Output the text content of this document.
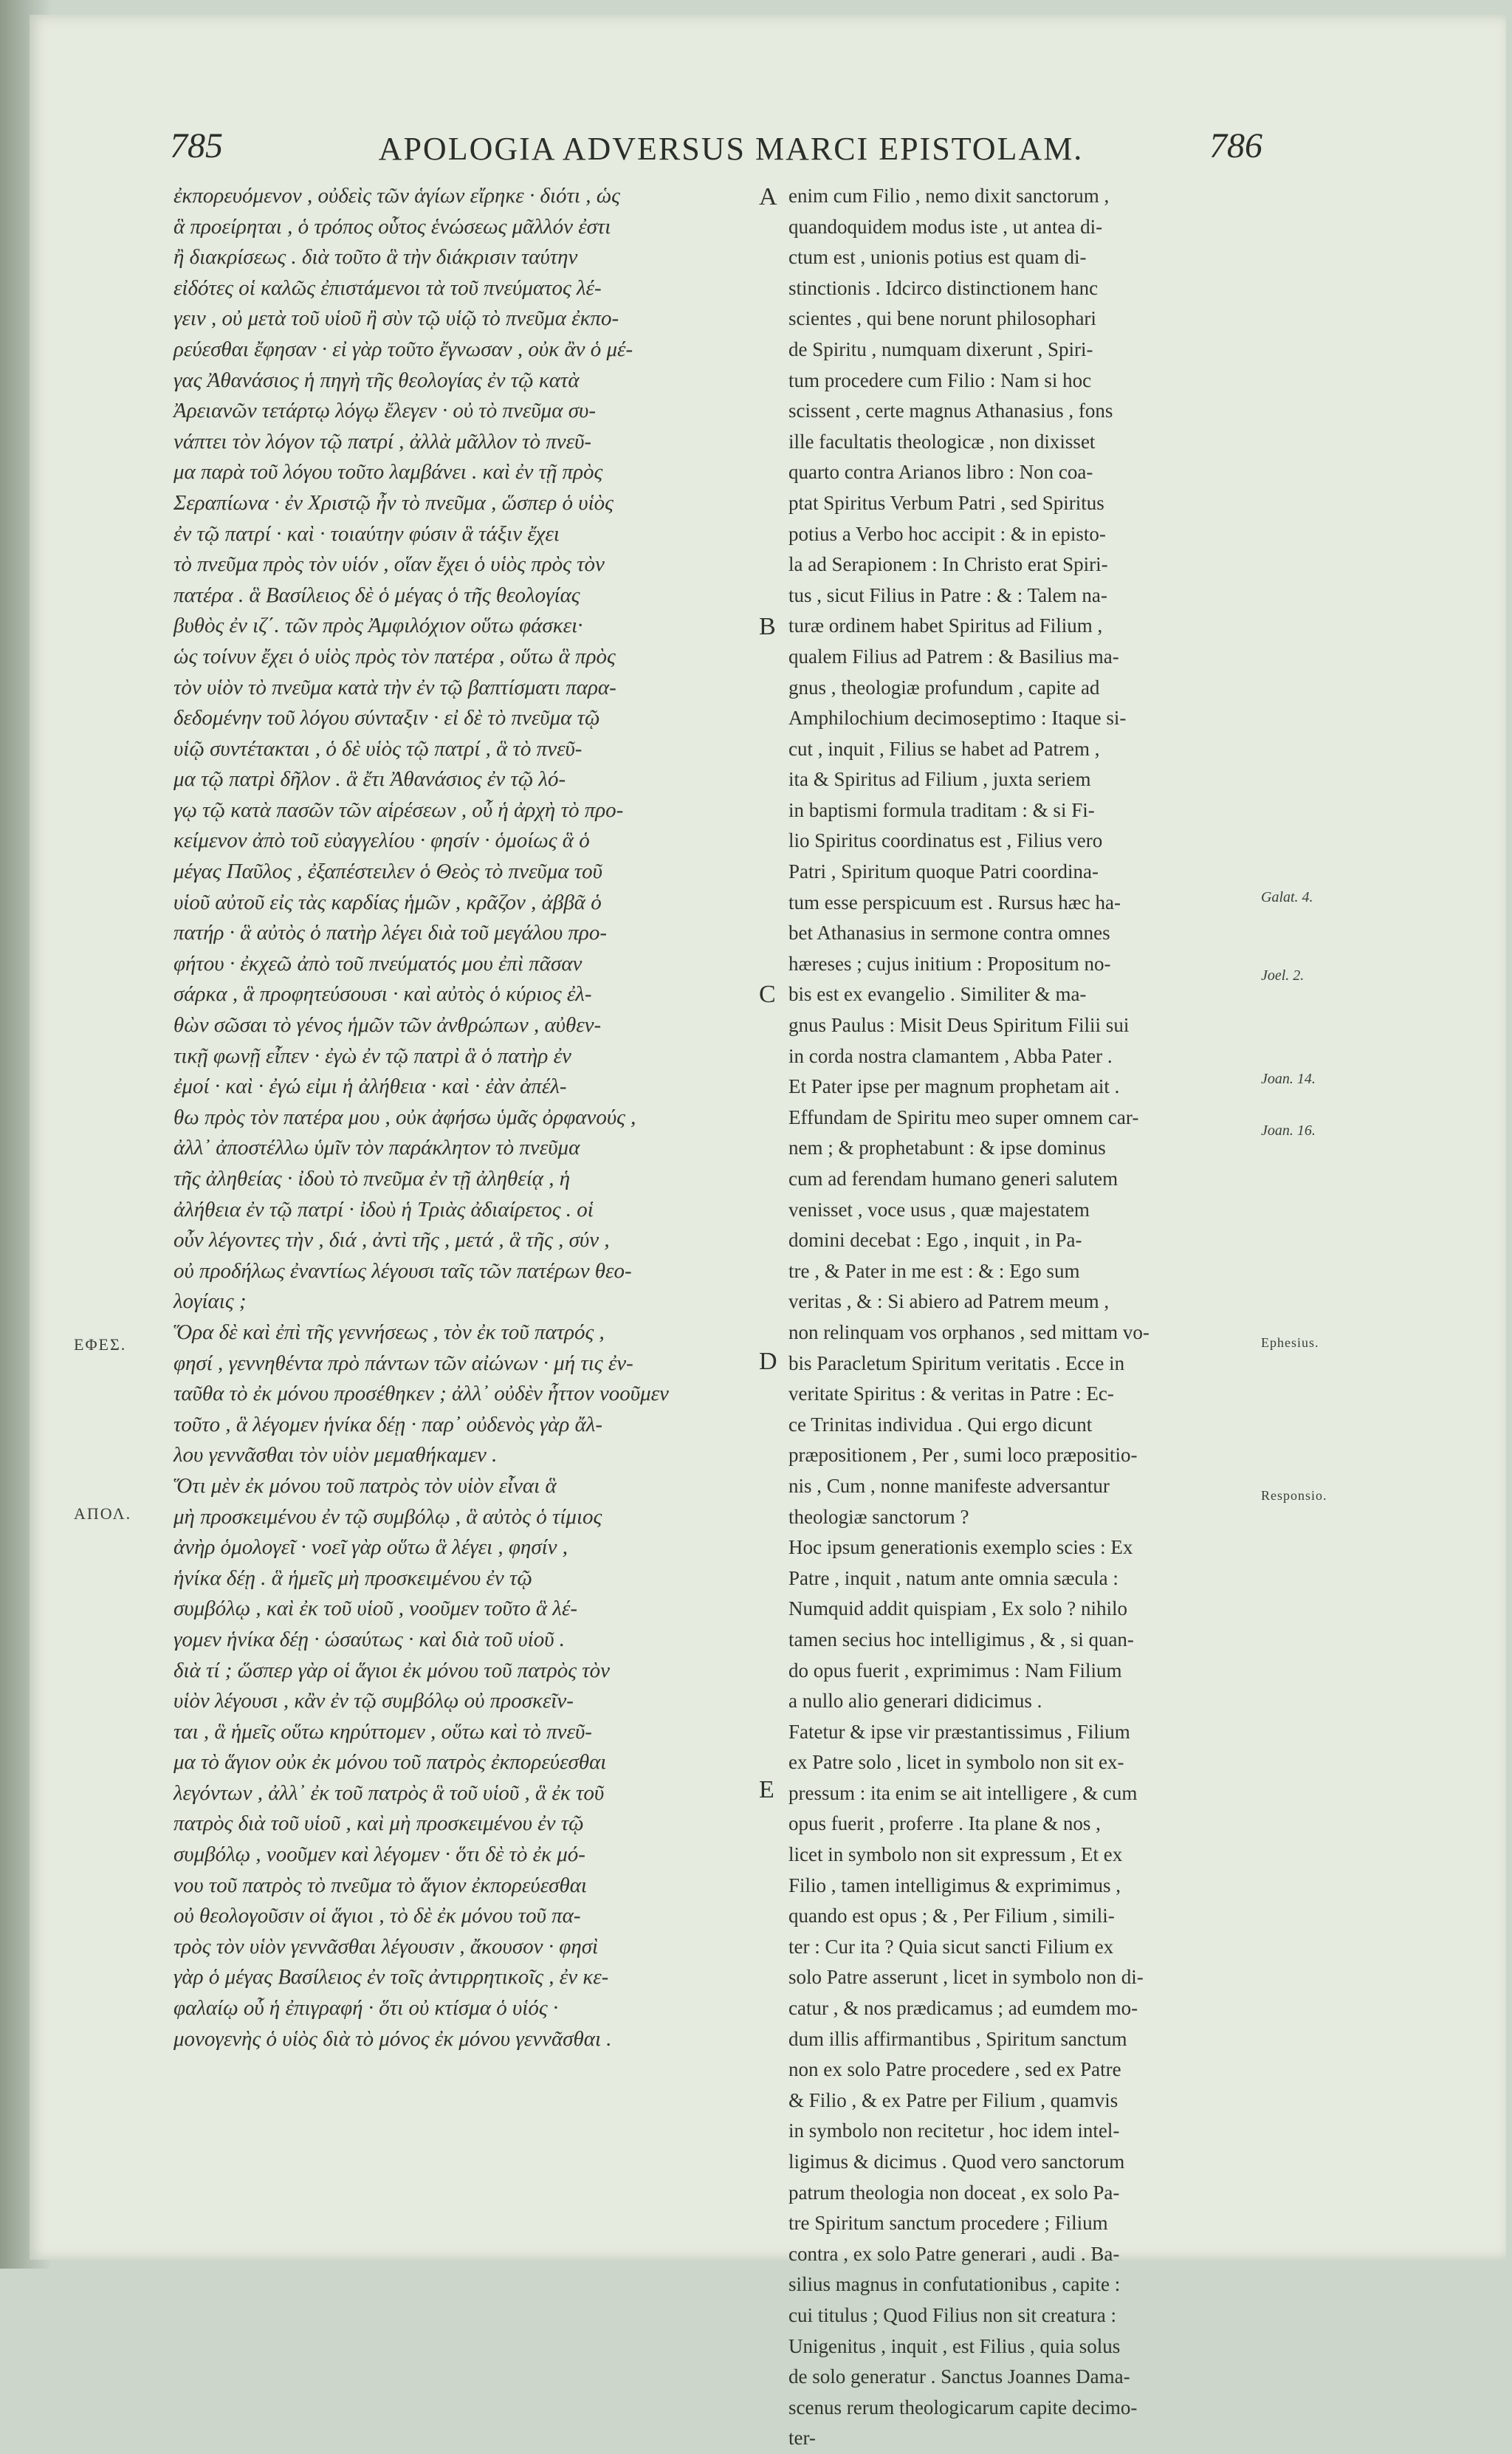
785	APOLOGIA ADVERSUS MARCI EPISTOLAM.	786
ἐκπορευόμενον , οὐδεὶς τῶν ἁγίων εἴρηκε · διότι , ὡς
ἃ προείρηται , ὁ τρόπος οὗτος ἑνώσεως μᾶλλόν ἐστι
ἢ διακρίσεως . διὰ τοῦτο ἃ τὴν διάκρισιν ταύτην
εἰδότες οἱ καλῶς ἐπιστάμενοι τὰ τοῦ πνεύματος λέ-
γειν , οὐ μετὰ τοῦ υἱοῦ ἢ σὺν τῷ υἱῷ τὸ πνεῦμα ἐκπο-
ρεύεσθαι ἔφησαν · εἰ γὰρ τοῦτο ἔγνωσαν , οὐκ ἂν ὁ μέ-
γας Ἀθανάσιος ἡ πηγὴ τῆς θεολογίας ἐν τῷ κατὰ
Ἀρειανῶν τετάρτῳ λόγῳ ἔλεγεν · οὐ τὸ πνεῦμα συ-
νάπτει τὸν λόγον τῷ πατρί , ἀλλὰ μᾶλλον τὸ πνεῦ-
μα παρὰ τοῦ λόγου τοῦτο λαμβάνει . καὶ ἐν τῇ πρὸς
Σεραπίωνα · ἐν Χριστῷ ἦν τὸ πνεῦμα , ὥσπερ ὁ υἱὸς
ἐν τῷ πατρί · καὶ · τοιαύτην φύσιν ἃ τάξιν ἔχει
τὸ πνεῦμα πρὸς τὸν υἱόν , οἵαν ἔχει ὁ υἱὸς πρὸς τὸν
πατέρα . ἃ Βασίλειος δὲ ὁ μέγας ὁ τῆς θεολογίας
βυθὸς ἐν ιζ΄. τῶν πρὸς Ἀμφιλόχιον οὕτω φάσκει·
ὡς τοίνυν ἔχει ὁ υἱὸς πρὸς τὸν πατέρα , οὕτω ἃ πρὸς
τὸν υἱὸν τὸ πνεῦμα κατὰ τὴν ἐν τῷ βαπτίσματι παρα-
δεδομένην τοῦ λόγου σύνταξιν · εἰ δὲ τὸ πνεῦμα τῷ
υἱῷ συντέτακται , ὁ δὲ υἱὸς τῷ πατρί , ἃ τὸ πνεῦ-
μα τῷ πατρὶ δῆλον . ἃ ἔτι Ἀθανάσιος ἐν τῷ λό-
γῳ τῷ κατὰ πασῶν τῶν αἱρέσεων , οὗ ἡ ἀρχὴ τὸ προ-
κείμενον ἀπὸ τοῦ εὐαγγελίου · φησίν · ὁμοίως ἃ ὁ
μέγας Παῦλος , ἐξαπέστειλεν ὁ Θεὸς τὸ πνεῦμα τοῦ
υἱοῦ αὐτοῦ εἰς τὰς καρδίας ἡμῶν , κρᾶζον , ἀββᾶ ὁ
πατήρ · ἃ αὐτὸς ὁ πατὴρ λέγει διὰ τοῦ μεγάλου προ-
φήτου · ἐκχεῶ ἀπὸ τοῦ πνεύματός μου ἐπὶ πᾶσαν
σάρκα , ἃ προφητεύσουσι · καὶ αὐτὸς ὁ κύριος ἐλ-
θὼν σῶσαι τὸ γένος ἡμῶν τῶν ἀνθρώπων , αὐθεν-
τικῇ φωνῇ εἶπεν · ἐγὼ ἐν τῷ πατρὶ ἃ ὁ πατὴρ ἐν
ἐμοί · καὶ · ἐγώ εἰμι ἡ ἀλήθεια · καὶ · ἐὰν ἀπέλ-
θω πρὸς τὸν πατέρα μου , οὐκ ἀφήσω ὑμᾶς ὀρφανούς ,
ἀλλ᾿ ἀποστέλλω ὑμῖν τὸν παράκλητον τὸ πνεῦμα
τῆς ἀληθείας · ἰδοὺ τὸ πνεῦμα ἐν τῇ ἀληθείᾳ , ἡ
ἀλήθεια ἐν τῷ πατρί · ἰδοὺ ἡ Τριὰς ἀδιαίρετος . οἱ
οὖν λέγοντες τὴν , διά , ἀντὶ τῆς , μετά , ἃ τῆς , σύν ,
οὐ προδήλως ἐναντίως λέγουσι ταῖς τῶν πατέρων θεο-
λογίαις ;
Ὅρα δὲ καὶ ἐπὶ τῆς γεννήσεως , τὸν ἐκ τοῦ πατρός ,
φησί , γεννηθέντα πρὸ πάντων τῶν αἰώνων · μή τις ἐν-
ταῦθα τὸ ἐκ μόνου προσέθηκεν ; ἀλλ᾿ οὐδὲν ἧττον νοοῦμεν
τοῦτο , ἃ λέγομεν ἡνίκα δέῃ · παρ᾿ οὐδενὸς γὰρ ἄλ-
λου γεννᾶσθαι τὸν υἱὸν μεμαθήκαμεν .
Ὅτι μὲν ἐκ μόνου τοῦ πατρὸς τὸν υἱὸν εἶναι ἃ
μὴ προσκειμένου ἐν τῷ συμβόλῳ , ἃ αὐτὸς ὁ τίμιος
ἀνὴρ ὁμολογεῖ · νοεῖ γὰρ οὕτω ἃ λέγει , φησίν ,
ἡνίκα δέῃ . ἃ ἡμεῖς μὴ προσκειμένου ἐν τῷ
συμβόλῳ , καὶ ἐκ τοῦ υἱοῦ , νοοῦμεν τοῦτο ἃ λέ-
γομεν ἡνίκα δέῃ · ὡσαύτως · καὶ διὰ τοῦ υἱοῦ .
διὰ τί ; ὥσπερ γὰρ οἱ ἅγιοι ἐκ μόνου τοῦ πατρὸς τὸν
υἱὸν λέγουσι , κἂν ἐν τῷ συμβόλῳ οὐ προσκεῖν-
ται , ἃ ἡμεῖς οὕτω κηρύττομεν , οὕτω καὶ τὸ πνεῦ-
μα τὸ ἅγιον οὐκ ἐκ μόνου τοῦ πατρὸς ἐκπορεύεσθαι
λεγόντων , ἀλλ᾿ ἐκ τοῦ πατρὸς ἃ τοῦ υἱοῦ , ἃ ἐκ τοῦ
πατρὸς διὰ τοῦ υἱοῦ , καὶ μὴ προσκειμένου ἐν τῷ
συμβόλῳ , νοοῦμεν καὶ λέγομεν · ὅτι δὲ τὸ ἐκ μό-
νου τοῦ πατρὸς τὸ πνεῦμα τὸ ἅγιον ἐκπορεύεσθαι
οὐ θεολογοῦσιν οἱ ἅγιοι , τὸ δὲ ἐκ μόνου τοῦ πα-
τρὸς τὸν υἱὸν γεννᾶσθαι λέγουσιν , ἄκουσον · φησὶ
γὰρ ὁ μέγας Βασίλειος ἐν τοῖς ἀντιρρητικοῖς , ἐν κε-
φαλαίῳ οὗ ἡ ἐπιγραφή · ὅτι οὐ κτίσμα ὁ υἱός ·
μονογενὴς ὁ υἱὸς διὰ τὸ μόνος ἐκ μόνου γεννᾶσθαι .
enim cum Filio , nemo dixit sanctorum ,
quandoquidem modus iste , ut antea di-
ctum est , unionis potius est quam di-
stinctionis . Idcirco distinctionem hanc
scientes , qui bene norunt philosophari
de Spiritu , numquam dixerunt , Spiri-
tum procedere cum Filio : Nam si hoc
scissent , certe magnus Athanasius , fons
ille facultatis theologicæ , non dixisset
quarto contra Arianos libro : Non coa-
ptat Spiritus Verbum Patri , sed Spiritus
potius a Verbo hoc accipit : & in episto-
la ad Serapionem : In Christo erat Spiri-
tus , sicut Filius in Patre : & : Talem na-
turæ ordinem habet Spiritus ad Filium ,
qualem Filius ad Patrem : & Basilius ma-
gnus , theologiæ profundum , capite ad
Amphilochium decimoseptimo : Itaque si-
cut , inquit , Filius se habet ad Patrem ,
ita & Spiritus ad Filium , juxta seriem
in baptismi formula traditam : & si Fi-
lio Spiritus coordinatus est , Filius vero
Patri , Spiritum quoque Patri coordina-
tum esse perspicuum est . Rursus hæc ha-
bet Athanasius in sermone contra omnes
hæreses ; cujus initium : Propositum no-
bis est ex evangelio . Similiter & ma-
gnus Paulus : Misit Deus Spiritum Filii sui
in corda nostra clamantem , Abba Pater .
Et Pater ipse per magnum prophetam ait .
Effundam de Spiritu meo super omnem car-
nem ; & prophetabunt : & ipse dominus
cum ad ferendam humano generi salutem
venisset , voce usus , quæ majestatem
domini decebat : Ego , inquit , in Pa-
tre , & Pater in me est : & : Ego sum
veritas , & : Si abiero ad Patrem meum ,
non relinquam vos orphanos , sed mittam vo-
bis Paracletum Spiritum veritatis . Ecce in
veritate Spiritus : & veritas in Patre : Ec-
ce Trinitas individua . Qui ergo dicunt
præpositionem , Per , sumi loco præpositio-
nis , Cum , nonne manifeste adversantur
theologiæ sanctorum ?
Hoc ipsum generationis exemplo scies : Ex
Patre , inquit , natum ante omnia sæcula :
Numquid addit quispiam , Ex solo ? nihilo
tamen secius hoc intelligimus , & , si quan-
do opus fuerit , exprimimus : Nam Filium
a nullo alio generari didicimus .
Fatetur & ipse vir præstantissimus , Filium
ex Patre solo , licet in symbolo non sit ex-
pressum : ita enim se ait intelligere , & cum
opus fuerit , proferre . Ita plane & nos ,
licet in symbolo non sit expressum , Et ex
Filio , tamen intelligimus & exprimimus ,
quando est opus ; & , Per Filium , simili-
ter : Cur ita ? Quia sicut sancti Filium ex
solo Patre asserunt , licet in symbolo non di-
catur , & nos prædicamus ; ad eumdem mo-
dum illis affirmantibus , Spiritum sanctum
non ex solo Patre procedere , sed ex Patre
& Filio , & ex Patre per Filium , quamvis
in symbolo non recitetur , hoc idem intel-
ligimus & dicimus . Quod vero sanctorum
patrum theologia non doceat , ex solo Pa-
tre Spiritum sanctum procedere ; Filium
contra , ex solo Patre generari , audi . Ba-
silius magnus in confutationibus , capite :
cui titulus ; Quod Filius non sit creatura :
Unigenitus , inquit , est Filius , quia solus
de solo generatur . Sanctus Joannes Dama-
scenus rerum theologicarum capite decimo-
ter-
A
B
C
D
E
ΕΦΕΣ.
ΑΠΟΛ.
Galat. 4.
Joel. 2.
Joan. 14.
Joan. 16.
Ephesius.
Responsio.
